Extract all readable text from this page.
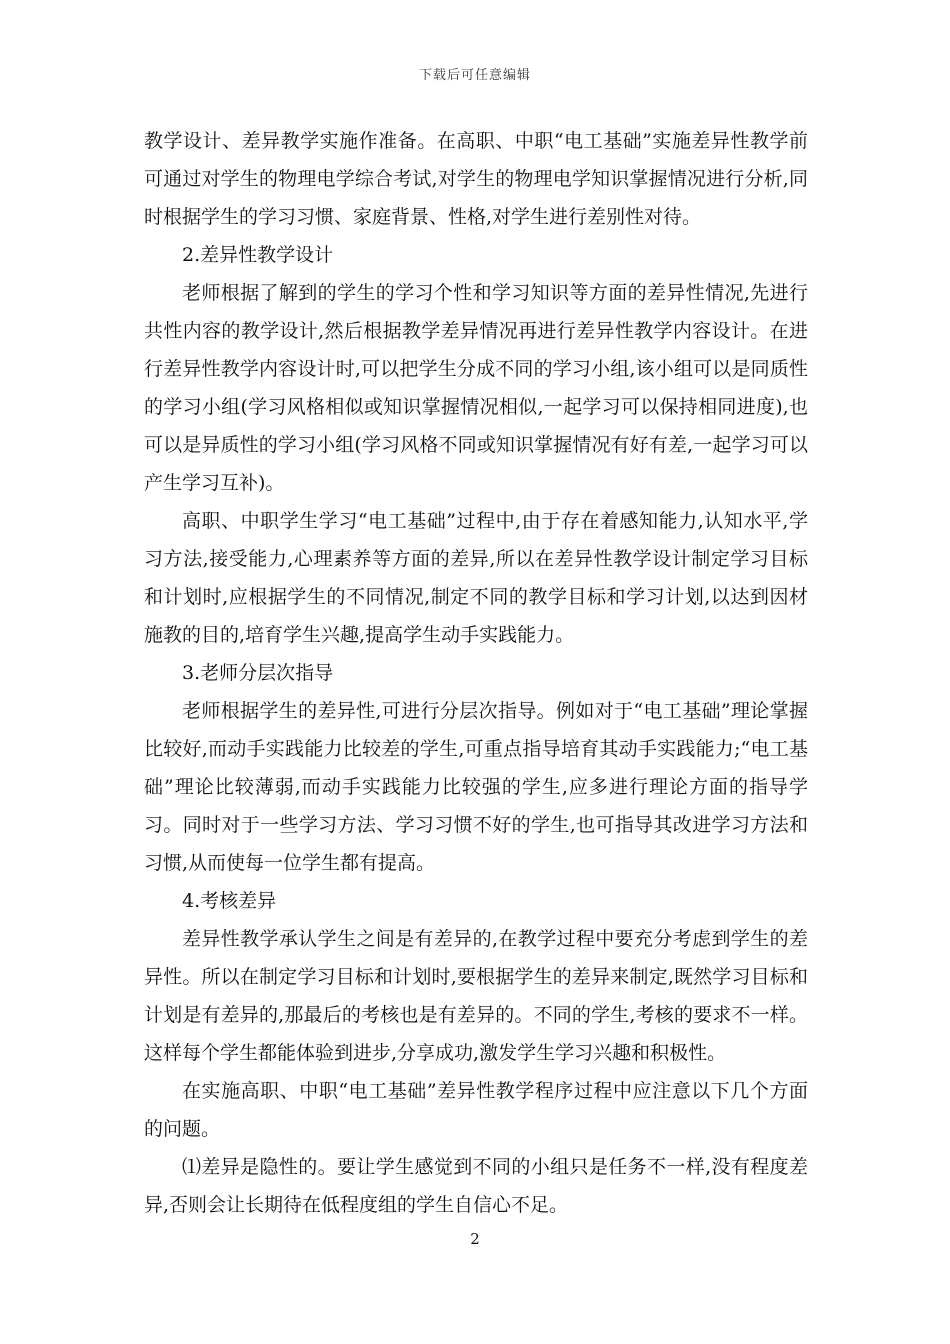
下载后可任意编辑

教学设计、差异教学实施作准备。在高职、中职“电工基础”实施差异性教学前可通过对学生的物理电学综合考试,对学生的物理电学知识掌握情况进行分析,同时根据学生的学习习惯、家庭背景、性格,对学生进行差别性对待。

2.差异性教学设计

老师根据了解到的学生的学习个性和学习知识等方面的差异性情况,先进行共性内容的教学设计,然后根据教学差异情况再进行差异性教学内容设计。在进行差异性教学内容设计时,可以把学生分成不同的学习小组,该小组可以是同质性的学习小组(学习风格相似或知识掌握情况相似,一起学习可以保持相同进度),也可以是异质性的学习小组(学习风格不同或知识掌握情况有好有差,一起学习可以产生学习互补)。

高职、中职学生学习“电工基础”过程中,由于存在着感知能力,认知水平,学习方法,接受能力,心理素养等方面的差异,所以在差异性教学设计制定学习目标和计划时,应根据学生的不同情况,制定不同的教学目标和学习计划,以达到因材施教的目的,培育学生兴趣,提高学生动手实践能力。

3.老师分层次指导

老师根据学生的差异性,可进行分层次指导。例如对于“电工基础”理论掌握比较好,而动手实践能力比较差的学生,可重点指导培育其动手实践能力;“电工基础”理论比较薄弱,而动手实践能力比较强的学生,应多进行理论方面的指导学习。同时对于一些学习方法、学习习惯不好的学生,也可指导其改进学习方法和习惯,从而使每一位学生都有提高。

4.考核差异

差异性教学承认学生之间是有差异的,在教学过程中要充分考虑到学生的差异性。所以在制定学习目标和计划时,要根据学生的差异来制定,既然学习目标和计划是有差异的,那最后的考核也是有差异的。不同的学生,考核的要求不一样。这样每个学生都能体验到进步,分享成功,激发学生学习兴趣和积极性。

在实施高职、中职“电工基础”差异性教学程序过程中应注意以下几个方面的问题。

⑴差异是隐性的。要让学生感觉到不同的小组只是任务不一样,没有程度差异,否则会让长期待在低程度组的学生自信心不足。

2
